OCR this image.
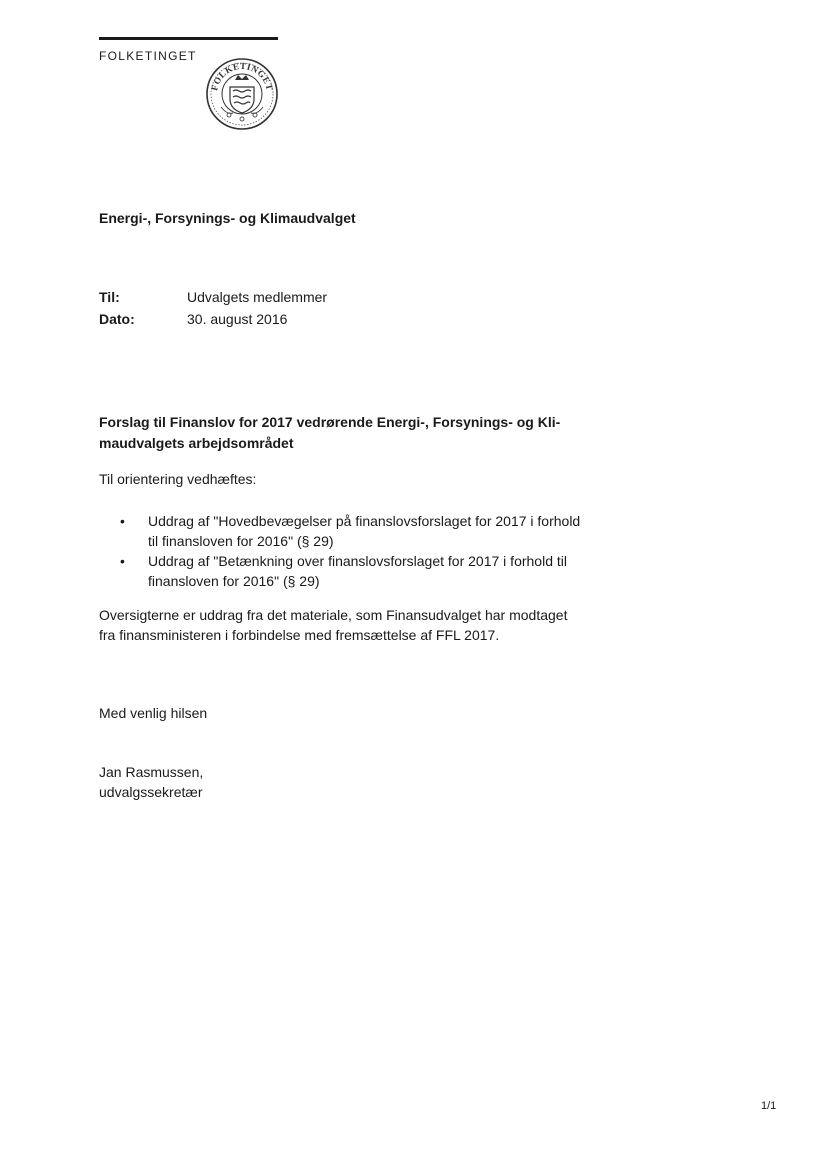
FOLKETINGET
FOLKETINGET
Energi-, Forsynings- og Klimaudvalget
Til:	Udvalgets medlemmer
Dato:	30. august 2016
Forslag til Finanslov for 2017 vedrørende Energi-, Forsynings- og Kli-
maudvalgets arbejdsområdet
Til orientering vedhæftes:
• Uddrag af "Hovedbevægelser på finanslovsforslaget for 2017 i forhold
til finansloven for 2016" (§ 29)
• Uddrag af "Betænkning over finanslovsforslaget for 2017 i forhold til
finansloven for 2016" (§ 29)
Oversigterne er uddrag fra det materiale, som Finansudvalget har modtaget
fra finansministeren i forbindelse med fremsættelse af FFL 2017.
Med venlig hilsen
Jan Rasmussen,
udvalgssekretær
1/1
